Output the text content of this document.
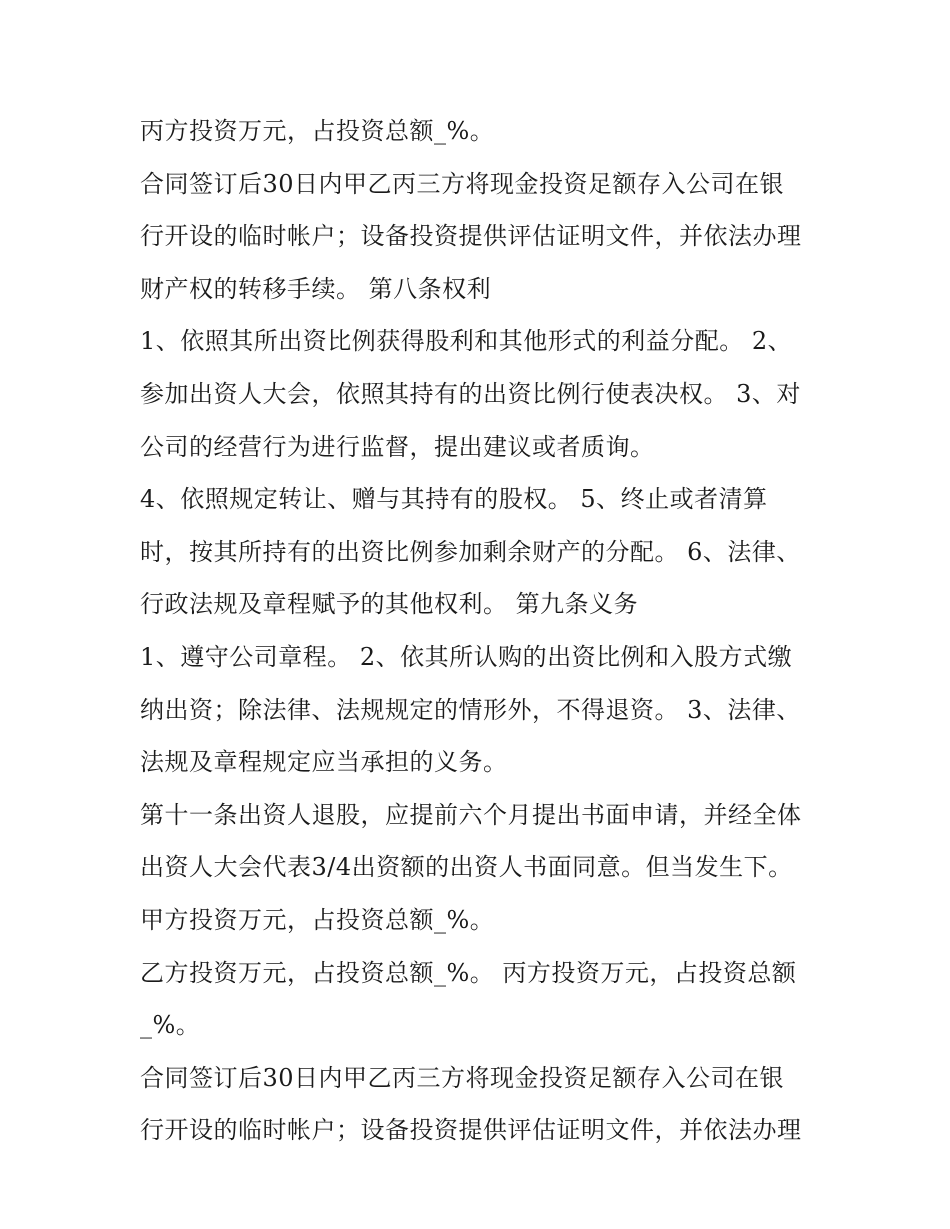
丙方投资万元，占投资总额_%。
合同签订后30日内甲乙丙三方将现金投资足额存入公司在银
行开设的临时帐户；设备投资提供评估证明文件，并依法办理
财产权的转移手续。 第八条权利
1、依照其所出资比例获得股利和其他形式的利益分配。 2、
参加出资人大会，依照其持有的出资比例行使表决权。 3、对
公司的经营行为进行监督，提出建议或者质询。
4、依照规定转让、赠与其持有的股权。 5、终止或者清算
时，按其所持有的出资比例参加剩余财产的分配。 6、法律、
行政法规及章程赋予的其他权利。 第九条义务
1、遵守公司章程。 2、依其所认购的出资比例和入股方式缴
纳出资；除法律、法规规定的情形外，不得退资。 3、法律、
法规及章程规定应当承担的义务。
第十一条出资人退股，应提前六个月提出书面申请，并经全体
出资人大会代表3/4出资额的出资人书面同意。但当发生下。
甲方投资万元，占投资总额_%。
乙方投资万元，占投资总额_%。 丙方投资万元，占投资总额
_%。
合同签订后30日内甲乙丙三方将现金投资足额存入公司在银
行开设的临时帐户；设备投资提供评估证明文件，并依法办理
